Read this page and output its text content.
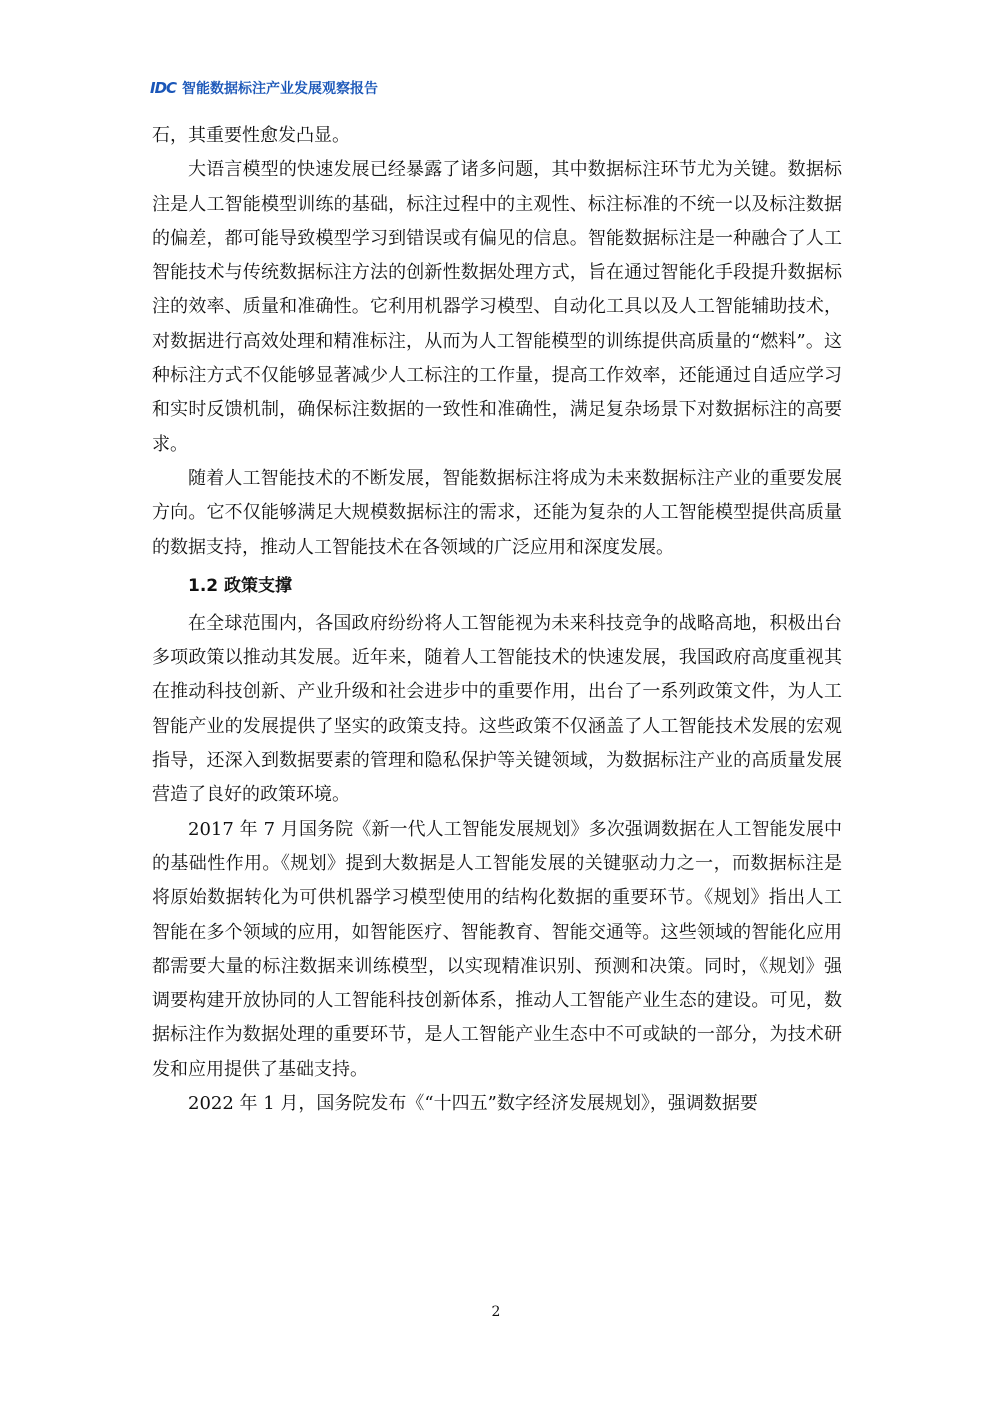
IDC 智能数据标注产业发展观察报告

石，其重要性愈发凸显。

大语言模型的快速发展已经暴露了诸多问题，其中数据标注环节尤为关键。数据标注是人工智能模型训练的基础，标注过程中的主观性、标注标准的不统一以及标注数据的偏差，都可能导致模型学习到错误或有偏见的信息。智能数据标注是一种融合了人工智能技术与传统数据标注方法的创新性数据处理方式，旨在通过智能化手段提升数据标注的效率、质量和准确性。它利用机器学习模型、自动化工具以及人工智能辅助技术，对数据进行高效处理和精准标注，从而为人工智能模型的训练提供高质量的“燃料”。这种标注方式不仅能够显著减少人工标注的工作量，提高工作效率，还能通过自适应学习和实时反馈机制，确保标注数据的一致性和准确性，满足复杂场景下对数据标注的高要求。

随着人工智能技术的不断发展，智能数据标注将成为未来数据标注产业的重要发展方向。它不仅能够满足大规模数据标注的需求，还能为复杂的人工智能模型提供高质量的数据支持，推动人工智能技术在各领域的广泛应用和深度发展。

1.2 政策支撑

在全球范围内，各国政府纷纷将人工智能视为未来科技竞争的战略高地，积极出台多项政策以推动其发展。近年来，随着人工智能技术的快速发展，我国政府高度重视其在推动科技创新、产业升级和社会进步中的重要作用，出台了一系列政策文件，为人工智能产业的发展提供了坚实的政策支持。这些政策不仅涵盖了人工智能技术发展的宏观指导，还深入到数据要素的管理和隐私保护等关键领域，为数据标注产业的高质量发展营造了良好的政策环境。

2017 年 7 月国务院《新一代人工智能发展规划》多次强调数据在人工智能发展中的基础性作用。《规划》提到大数据是人工智能发展的关键驱动力之一，而数据标注是将原始数据转化为可供机器学习模型使用的结构化数据的重要环节。《规划》指出人工智能在多个领域的应用，如智能医疗、智能教育、智能交通等。这些领域的智能化应用都需要大量的标注数据来训练模型，以实现精准识别、预测和决策。同时，《规划》强调要构建开放协同的人工智能科技创新体系，推动人工智能产业生态的建设。可见，数据标注作为数据处理的重要环节，是人工智能产业生态中不可或缺的一部分，为技术研发和应用提供了基础支持。

2022 年 1 月，国务院发布《“十四五”数字经济发展规划》，强调数据要

2
